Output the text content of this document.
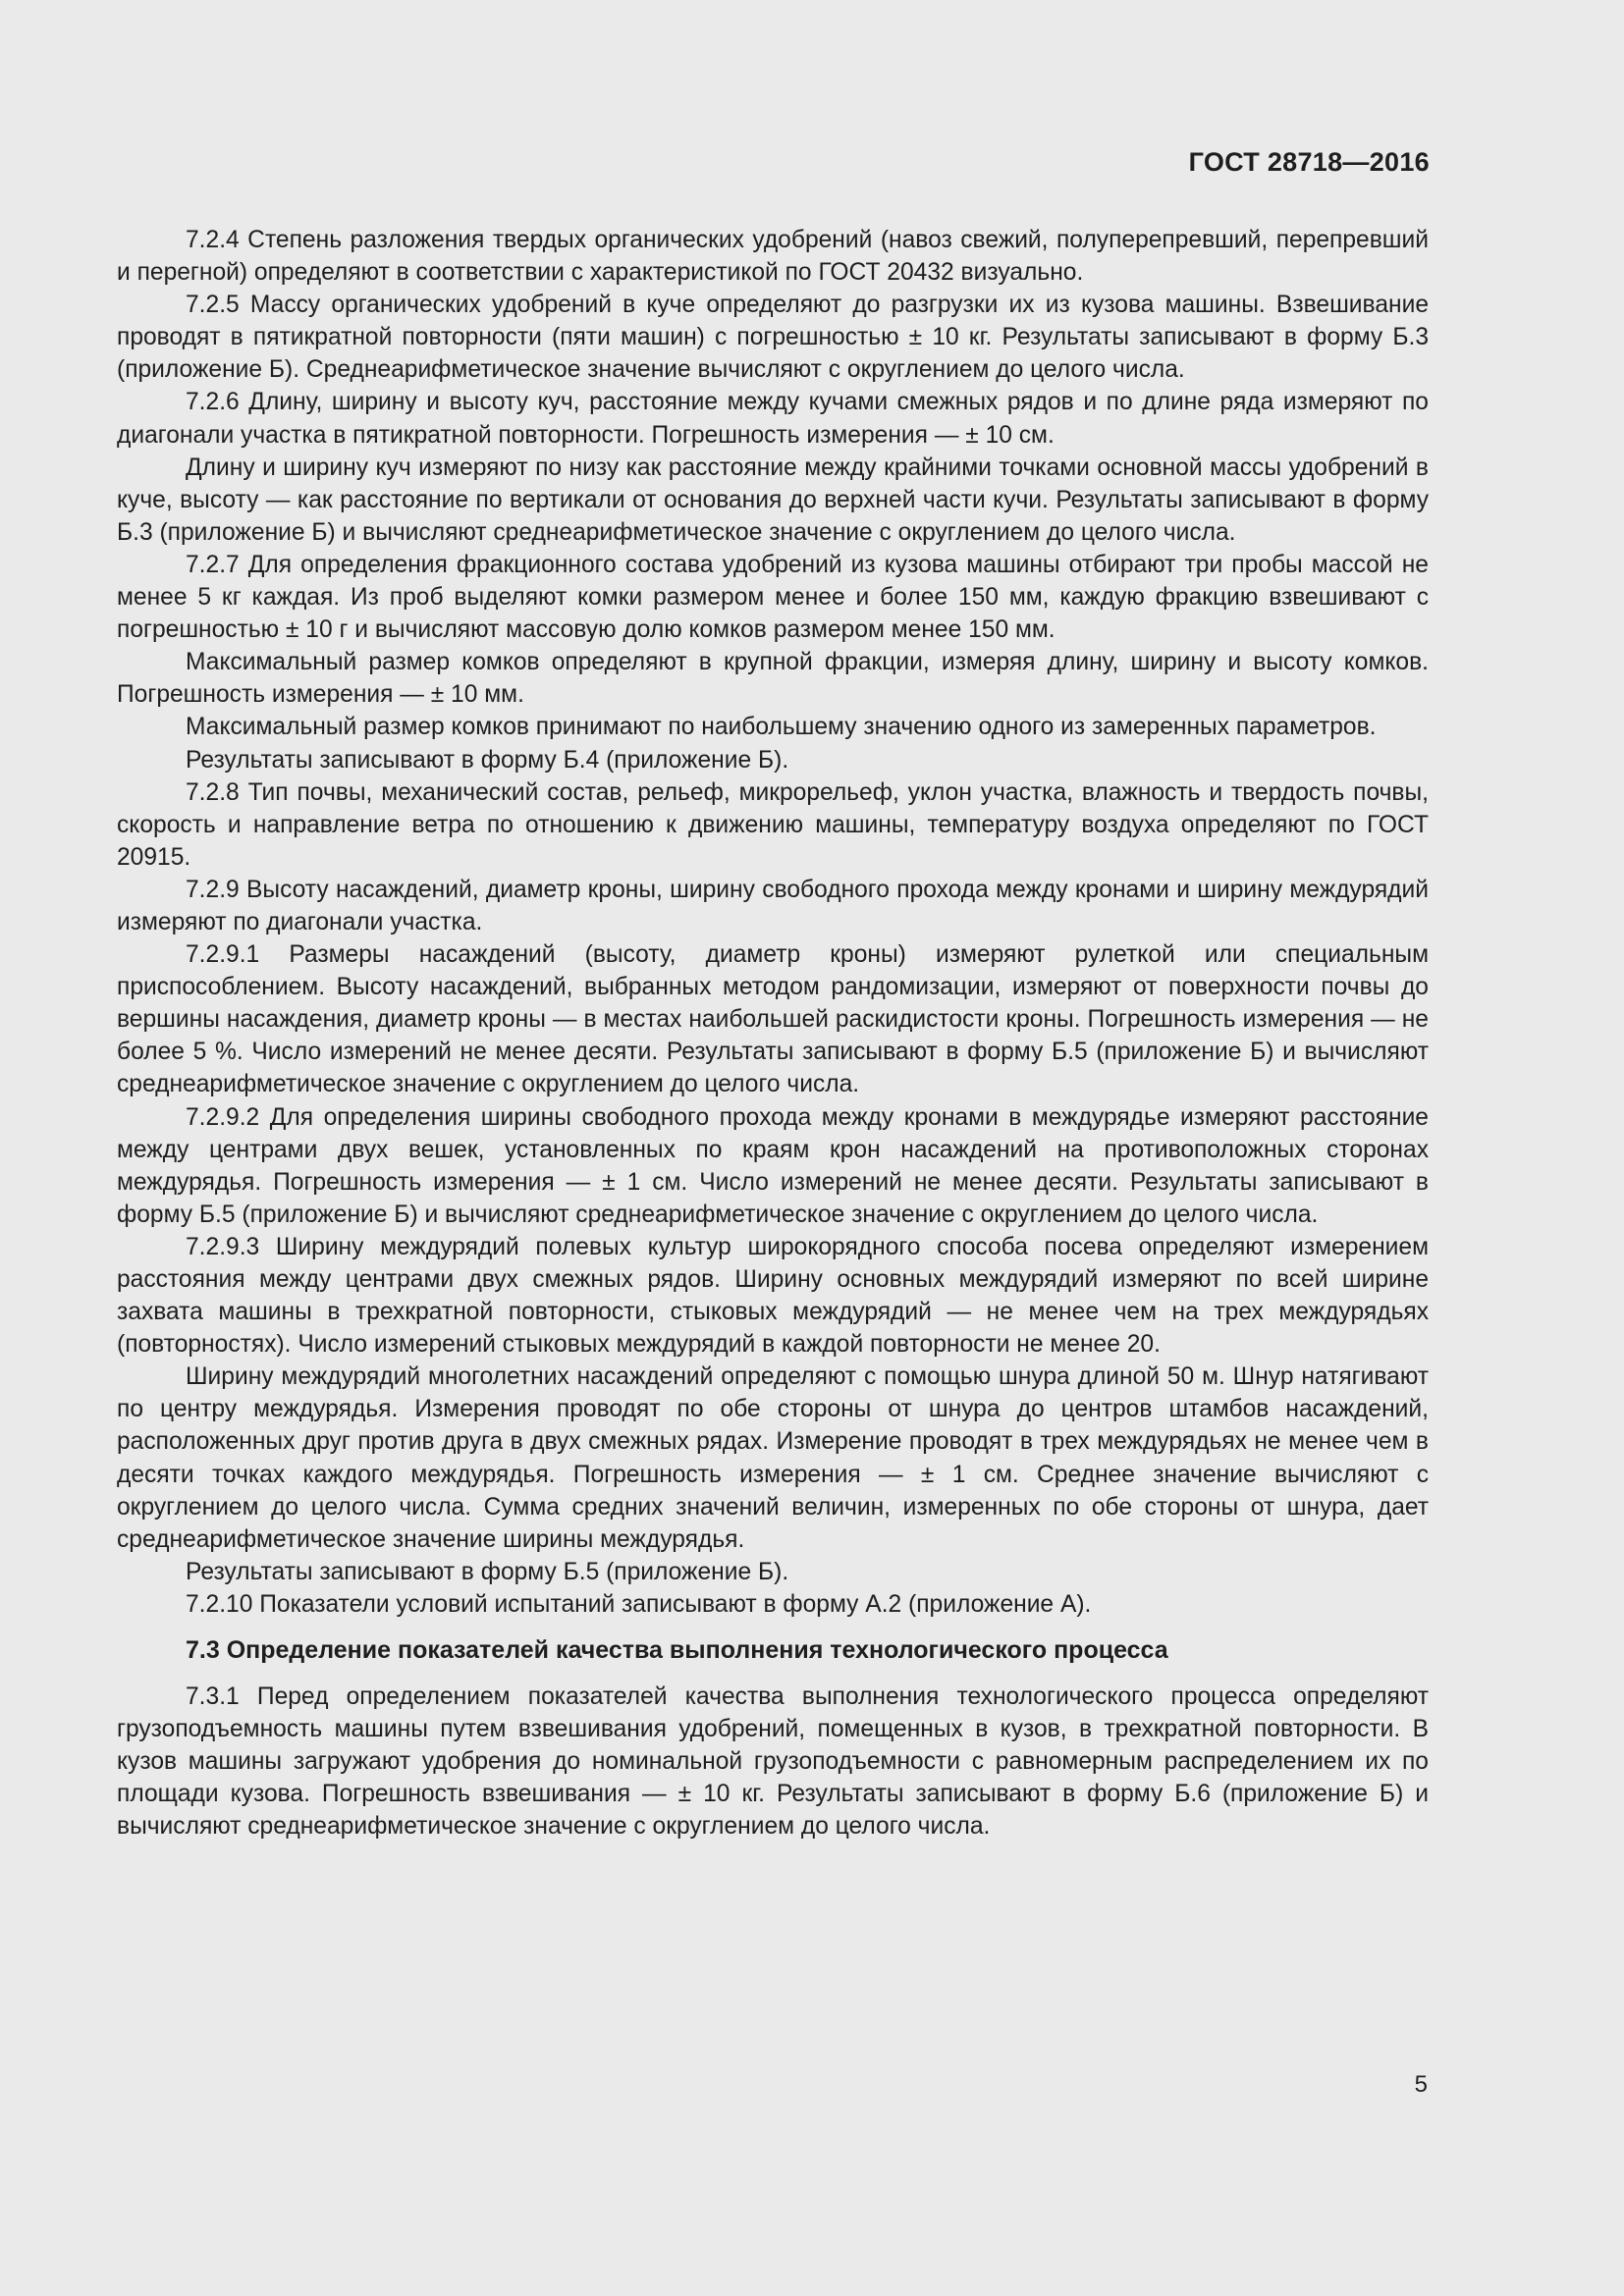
ГОСТ 28718—2016

7.2.4 Степень разложения твердых органических удобрений (навоз свежий, полуперепревший, перепревший и перегной) определяют в соответствии с характеристикой по ГОСТ 20432 визуально.

7.2.5 Массу органических удобрений в куче определяют до разгрузки их из кузова машины. Взвешивание проводят в пятикратной повторности (пяти машин) с погрешностью ± 10 кг. Результаты записывают в форму Б.3 (приложение Б). Среднеарифметическое значение вычисляют с округлением до целого числа.

7.2.6 Длину, ширину и высоту куч, расстояние между кучами смежных рядов и по длине ряда измеряют по диагонали участка в пятикратной повторности. Погрешность измерения — ± 10 см.

Длину и ширину куч измеряют по низу как расстояние между крайними точками основной массы удобрений в куче, высоту — как расстояние по вертикали от основания до верхней части кучи. Результаты записывают в форму Б.3 (приложение Б) и вычисляют среднеарифметическое значение с округлением до целого числа.

7.2.7 Для определения фракционного состава удобрений из кузова машины отбирают три пробы массой не менее 5 кг каждая. Из проб выделяют комки размером менее и более 150 мм, каждую фракцию взвешивают с погрешностью ± 10 г и вычисляют массовую долю комков размером менее 150 мм.

Максимальный размер комков определяют в крупной фракции, измеряя длину, ширину и высоту комков. Погрешность измерения — ± 10 мм.

Максимальный размер комков принимают по наибольшему значению одного из замеренных параметров.

Результаты записывают в форму Б.4 (приложение Б).

7.2.8 Тип почвы, механический состав, рельеф, микрорельеф, уклон участка, влажность и твердость почвы, скорость и направление ветра по отношению к движению машины, температуру воздуха определяют по ГОСТ 20915.

7.2.9 Высоту насаждений, диаметр кроны, ширину свободного прохода между кронами и ширину междурядий измеряют по диагонали участка.

7.2.9.1 Размеры насаждений (высоту, диаметр кроны) измеряют рулеткой или специальным приспособлением. Высоту насаждений, выбранных методом рандомизации, измеряют от поверхности почвы до вершины насаждения, диаметр кроны — в местах наибольшей раскидистости кроны. Погрешность измерения — не более 5 %. Число измерений не менее десяти. Результаты записывают в форму Б.5 (приложение Б) и вычисляют среднеарифметическое значение с округлением до целого числа.

7.2.9.2 Для определения ширины свободного прохода между кронами в междурядье измеряют расстояние между центрами двух вешек, установленных по краям крон насаждений на противоположных сторонах междурядья. Погрешность измерения — ± 1 см. Число измерений не менее десяти. Результаты записывают в форму Б.5 (приложение Б) и вычисляют среднеарифметическое значение с округлением до целого числа.

7.2.9.3 Ширину междурядий полевых культур широкорядного способа посева определяют измерением расстояния между центрами двух смежных рядов. Ширину основных междурядий измеряют по всей ширине захвата машины в трехкратной повторности, стыковых междурядий — не менее чем на трех междурядьях (повторностях). Число измерений стыковых междурядий в каждой повторности не менее 20.

Ширину междурядий многолетних насаждений определяют с помощью шнура длиной 50 м. Шнур натягивают по центру междурядья. Измерения проводят по обе стороны от шнура до центров штамбов насаждений, расположенных друг против друга в двух смежных рядах. Измерение проводят в трех междурядьях не менее чем в десяти точках каждого междурядья. Погрешность измерения — ± 1 см. Среднее значение вычисляют с округлением до целого числа. Сумма средних значений величин, измеренных по обе стороны от шнура, дает среднеарифметическое значение ширины междурядья.

Результаты записывают в форму Б.5 (приложение Б).

7.2.10 Показатели условий испытаний записывают в форму А.2 (приложение А).

7.3 Определение показателей качества выполнения технологического процесса

7.3.1 Перед определением показателей качества выполнения технологического процесса определяют грузоподъемность машины путем взвешивания удобрений, помещенных в кузов, в трехкратной повторности. В кузов машины загружают удобрения до номинальной грузоподъемности с равномерным распределением их по площади кузова. Погрешность взвешивания — ± 10 кг. Результаты записывают в форму Б.6 (приложение Б) и вычисляют среднеарифметическое значение с округлением до целого числа.

5
